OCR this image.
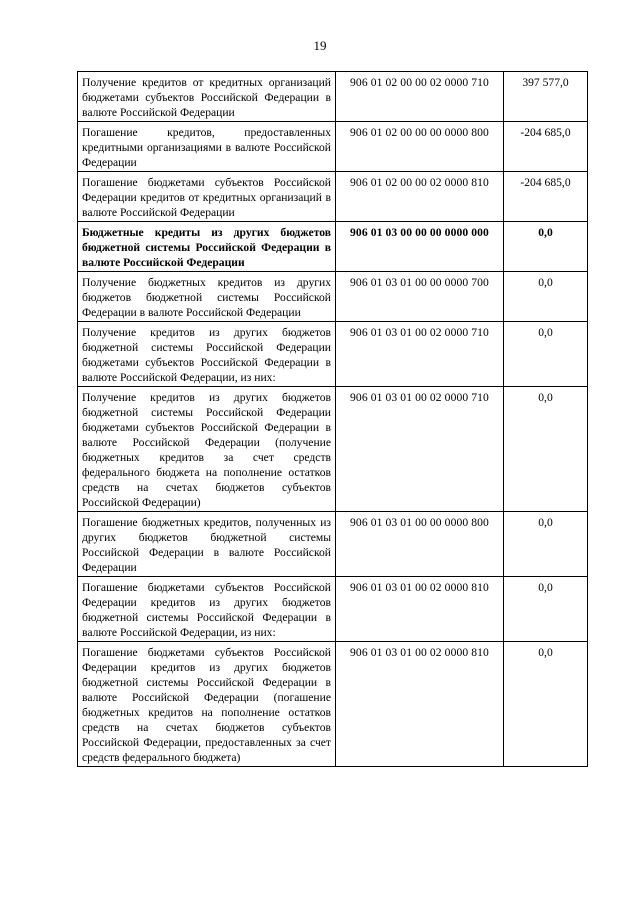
19
Получение кредитов от кредитных организаций бюджетами субъектов Российской Федерации в валюте Российской Федерации	906 01 02 00 00 02 0000 710	397 577,0
Погашение кредитов, предоставленных кредитными организациями в валюте Российской Федерации	906 01 02 00 00 00 0000 800	-204 685,0
Погашение бюджетами субъектов Российской Федерации кредитов от кредитных организаций в валюте Российской Федерации	906 01 02 00 00 02 0000 810	-204 685,0
Бюджетные кредиты из других бюджетов бюджетной системы Российской Федерации в валюте Российской Федерации	906 01 03 00 00 00 0000 000	0,0
Получение бюджетных кредитов из других бюджетов бюджетной системы Российской Федерации в валюте Российской Федерации	906 01 03 01 00 00 0000 700	0,0
Получение кредитов из других бюджетов бюджетной системы Российской Федерации бюджетами субъектов Российской Федерации в валюте Российской Федерации, из них:	906 01 03 01 00 02 0000 710	0,0
Получение кредитов из других бюджетов бюджетной системы Российской Федерации бюджетами субъектов Российской Федерации в валюте Российской Федерации (получение бюджетных кредитов за счет средств федерального бюджета на пополнение остатков средств на счетах бюджетов субъектов Российской Федерации)	906 01 03 01 00 02 0000 710	0,0
Погашение бюджетных кредитов, полученных из других бюджетов бюджетной системы Российской Федерации в валюте Российской Федерации	906 01 03 01 00 00 0000 800	0,0
Погашение бюджетами субъектов Российской Федерации кредитов из других бюджетов бюджетной системы Российской Федерации в валюте Российской Федерации, из них:	906 01 03 01 00 02 0000 810	0,0
Погашение бюджетами субъектов Российской Федерации кредитов из других бюджетов бюджетной системы Российской Федерации в валюте Российской Федерации (погашение бюджетных кредитов на пополнение остатков средств на счетах бюджетов субъектов Российской Федерации, предоставленных за счет средств федерального бюджета)	906 01 03 01 00 02 0000 810	0,0
